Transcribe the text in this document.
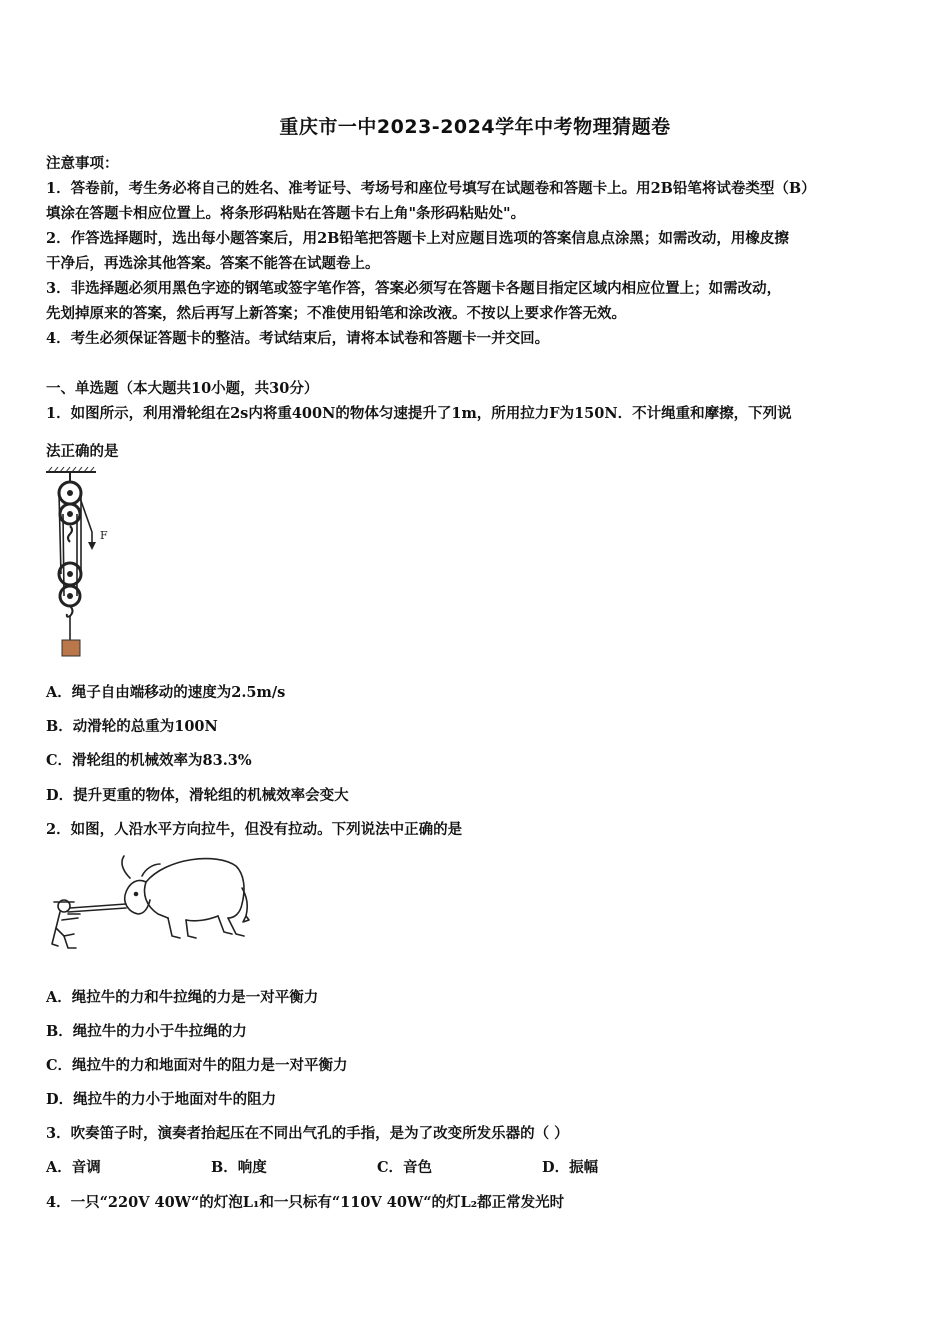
重庆市一中2023-2024学年中考物理猜题卷
注意事项：
1．答卷前，考生务必将自己的姓名、准考证号、考场号和座位号填写在试题卷和答题卡上。用2B铅笔将试卷类型（B）
填涂在答题卡相应位置上。将条形码粘贴在答题卡右上角"条形码粘贴处"。
2．作答选择题时，选出每小题答案后，用2B铅笔把答题卡上对应题目选项的答案信息点涂黑；如需改动，用橡皮擦
干净后，再选涂其他答案。答案不能答在试题卷上。
3．非选择题必须用黑色字迹的钢笔或签字笔作答，答案必须写在答题卡各题目指定区域内相应位置上；如需改动，
先划掉原来的答案，然后再写上新答案；不准使用铅笔和涂改液。不按以上要求作答无效。
4．考生必须保证答题卡的整洁。考试结束后，请将本试卷和答题卡一并交回。
一、单选题（本大题共10小题，共30分）
1．如图所示，利用滑轮组在2s内将重400N的物体匀速提升了1m，所用拉力F为150N．不计绳重和摩擦，下列说
法正确的是
F
A．绳子自由端移动的速度为2.5m/s
B．动滑轮的总重为100N
C．滑轮组的机械效率为83.3%
D．提升更重的物体，滑轮组的机械效率会变大
2．如图，人沿水平方向拉牛，但没有拉动。下列说法中正确的是
A．绳拉牛的力和牛拉绳的力是一对平衡力
B．绳拉牛的力小于牛拉绳的力
C．绳拉牛的力和地面对牛的阻力是一对平衡力
D．绳拉牛的力小于地面对牛的阻力
3．吹奏笛子时，演奏者抬起压在不同出气孔的手指，是为了改变所发乐器的（ ）
A．音调	B．响度	C．音色	D．振幅
4．一只“220V 40W“的灯泡L₁和一只标有“110V 40W“的灯L₂都正常发光时
